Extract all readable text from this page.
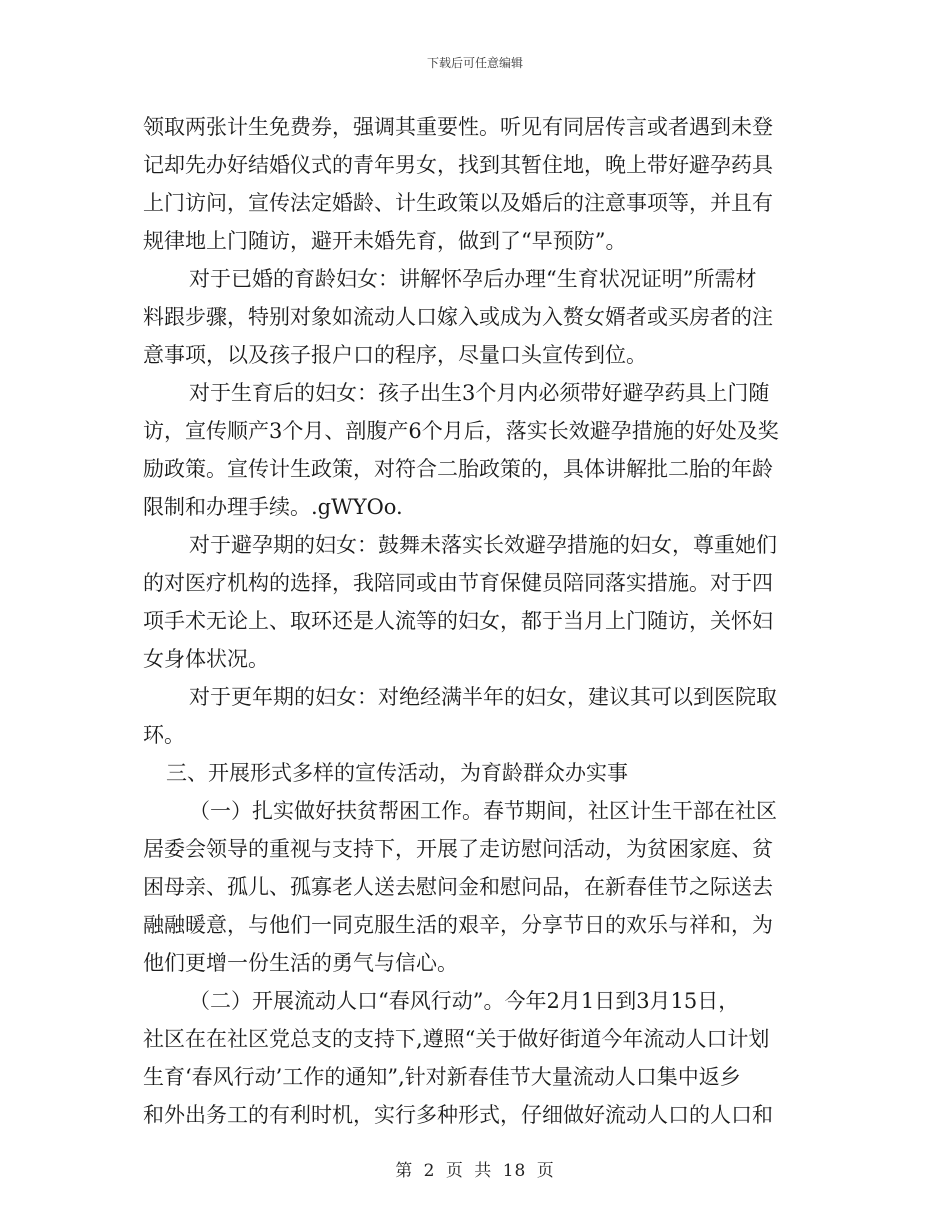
下载后可任意编辑
领取两张计生免费券，强调其重要性。听见有同居传言或者遇到未登
记却先办好结婚仪式的青年男女，找到其暂住地，晚上带好避孕药具
上门访问，宣传法定婚龄、计生政策以及婚后的注意事项等，并且有
规律地上门随访，避开未婚先育，做到了“早预防”。
对于已婚的育龄妇女：讲解怀孕后办理“生育状况证明”所需材
料跟步骤，特别对象如流动人口嫁入或成为入赘女婿者或买房者的注
意事项，以及孩子报户口的程序，尽量口头宣传到位。
对于生育后的妇女：孩子出生3个月内必须带好避孕药具上门随
访，宣传顺产3个月、剖腹产6个月后，落实长效避孕措施的好处及奖
励政策。宣传计生政策，对符合二胎政策的，具体讲解批二胎的年龄
限制和办理手续。.gWYOo.
对于避孕期的妇女：鼓舞未落实长效避孕措施的妇女，尊重她们
的对医疗机构的选择，我陪同或由节育保健员陪同落实措施。对于四
项手术无论上、取环还是人流等的妇女，都于当月上门随访，关怀妇
女身体状况。
对于更年期的妇女：对绝经满半年的妇女，建议其可以到医院取
环。
三、开展形式多样的宣传活动，为育龄群众办实事
（一）扎实做好扶贫帮困工作。春节期间，社区计生干部在社区
居委会领导的重视与支持下，开展了走访慰问活动，为贫困家庭、贫
困母亲、孤儿、孤寡老人送去慰问金和慰问品，在新春佳节之际送去
融融暖意，与他们一同克服生活的艰辛，分享节日的欢乐与祥和，为
他们更增一份生活的勇气与信心。
（二）开展流动人口“春风行动”。今年2月1日到3月15日，
社区在在社区党总支的支持下,遵照“关于做好街道今年流动人口计划
生育‘春风行动’工作的通知”,针对新春佳节大量流动人口集中返乡
和外出务工的有利时机，实行多种形式，仔细做好流动人口的人口和
第 2 页 共 18 页
